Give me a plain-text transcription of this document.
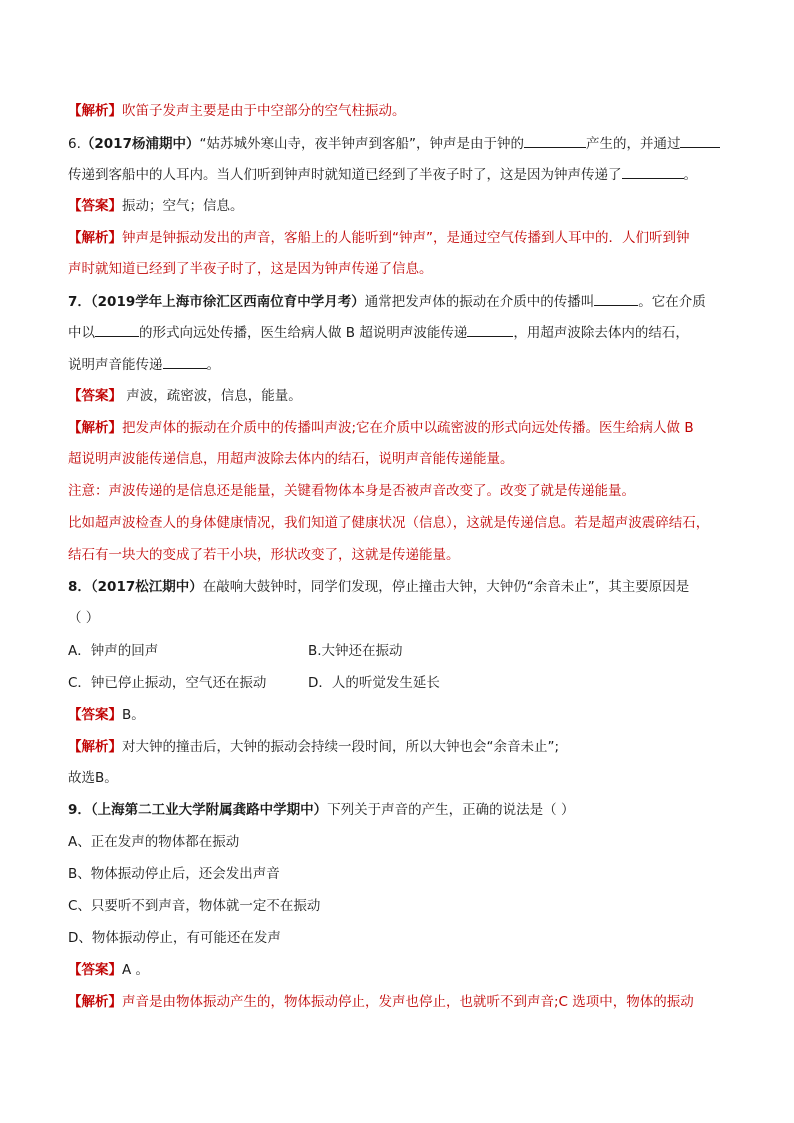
【解析】吹笛子发声主要是由于中空部分的空气柱振动。
6.（2017杨浦期中）“姑苏城外寒山寺，夜半钟声到客船”，钟声是由于钟的	产生的，并通过
传递到客船中的人耳内。当人们听到钟声时就知道已经到了半夜子时了，这是因为钟声传递了	。
【答案】振动；空气；信息。
【解析】钟声是钟振动发出的声音，客船上的人能听到“钟声”，是通过空气传播到人耳中的．人们听到钟
声时就知道已经到了半夜子时了，这是因为钟声传递了信息。
7．（2019学年上海市徐汇区西南位育中学月考）通常把发声体的振动在介质中的传播叫	。它在介质
中以	的形式向远处传播，医生给病人做 B 超说明声波能传递	，用超声波除去体内的结石，
说明声音能传递	。
【答案】 声波，疏密波，信息，能量。
【解析】把发声体的振动在介质中的传播叫声波;它在介质中以疏密波的形式向远处传播。医生给病人做 B
超说明声波能传递信息，用超声波除去体内的结石，说明声音能传递能量。
注意：声波传递的是信息还是能量，关键看物体本身是否被声音改变了。改变了就是传递能量。
比如超声波检查人的身体健康情况，我们知道了健康状况（信息），这就是传递信息。若是超声波震碎结石，
结石有一块大的变成了若干小块，形状改变了，这就是传递能量。
8．（2017松江期中）在敲响大鼓钟时，同学们发现，停止撞击大钟，大钟仍“余音未止”，其主要原因是
（ ）
A．钟声的回声	B.大钟还在振动
C．钟已停止振动，空气还在振动	D．人的听觉发生延长
【答案】B。
【解析】对大钟的撞击后，大钟的振动会持续一段时间，所以大钟也会“余音未止”;
故选B。
9．（上海第二工业大学附属龚路中学期中）下列关于声音的产生，正确的说法是（ ）
A、正在发声的物体都在振动
B、物体振动停止后，还会发出声音
C、只要听不到声音，物体就一定不在振动
D、物体振动停止，有可能还在发声
【答案】A 。
【解析】声音是由物体振动产生的，物体振动停止，发声也停止，也就听不到声音;C 选项中，物体的振动
